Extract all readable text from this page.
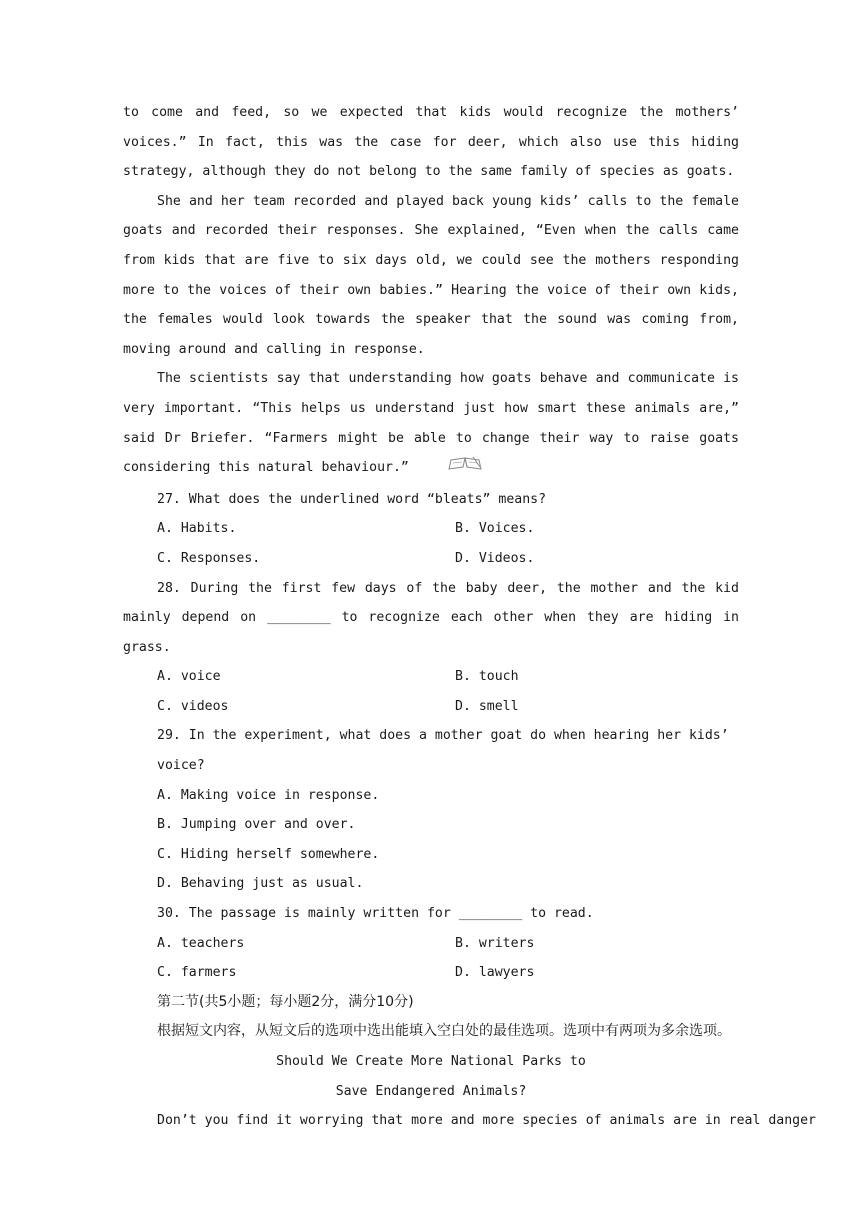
to come and feed, so we expected that kids would recognize the mothers’ voices.” In fact, this was the case for deer, which also use this hiding strategy, although they do not belong to the same family of species as goats.

She and her team recorded and played back young kids’ calls to the female goats and recorded their responses. She explained, “Even when the calls came from kids that are five to six days old, we could see the mothers responding more to the voices of their own babies.” Hearing the voice of their own kids, the females would look towards the speaker that the sound was coming from, moving around and calling in response.

The scientists say that understanding how goats behave and communicate is very important. “This helps us understand just how smart these animals are,” said Dr Briefer. “Farmers might be able to change their way to raise goats considering this natural behaviour.”

27. What does the underlined word “bleats” means?

A. Habits.	B. Voices.
C. Responses.	D. Videos.

28. During the first few days of the baby deer, the mother and the kid mainly depend on ________ to recognize each other when they are hiding in grass.

A. voice	B. touch
C. videos	D. smell

29. In the experiment, what does a mother goat do when hearing her kids’ voice?

A. Making voice in response.

B. Jumping over and over.

C. Hiding herself somewhere.

D. Behaving just as usual.

30. The passage is mainly written for ________ to read.

A. teachers	B. writers
C. farmers	D. lawyers

第二节(共5小题；每小题2分，满分10分)

根据短文内容，从短文后的选项中选出能填入空白处的最佳选项。选项中有两项为多余选项。

Should We Create More National Parks to

Save Endangered Animals?

Don’t you find it worrying that more and more species of animals are in real danger
